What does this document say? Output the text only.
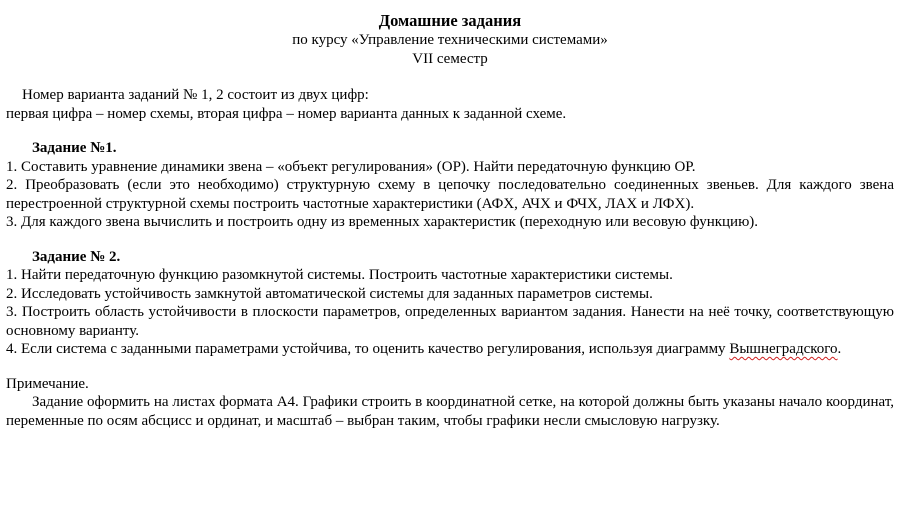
Домашние задания
по курсу «Управление техническими системами»
VII семестр

Номер варианта заданий № 1, 2 состоит из двух цифр:

первая цифра – номер схемы, вторая цифра – номер варианта данных к заданной схеме.

Задание №1.

1. Составить уравнение динамики звена – «объект регулирования» (ОР). Найти передаточную функцию ОР.

2. Преобразовать (если это необходимо) структурную схему в цепочку последовательно соединенных звеньев. Для каждого звена перестроенной структурной схемы построить частотные характеристики (АФХ, АЧХ и ФЧХ, ЛАХ и ЛФХ).

3. Для каждого звена вычислить и построить одну из временных характеристик (переходную или весовую функцию).

Задание № 2.

1. Найти передаточную функцию разомкнутой системы. Построить частотные характеристики системы.

2. Исследовать устойчивость замкнутой автоматической системы для заданных параметров системы.

3. Построить область устойчивости в плоскости параметров, определенных вариантом задания. Нанести на неё точку, соответствующую основному варианту.

4. Если система с заданными параметрами устойчива, то оценить качество регулирования, используя диаграмму Вышнеградского.

Примечание.

Задание оформить на листах формата А4. Графики строить в координатной сетке, на которой должны быть указаны начало координат, переменные по осям абсцисс и ординат, и масштаб – выбран таким, чтобы графики несли смысловую нагрузку.
